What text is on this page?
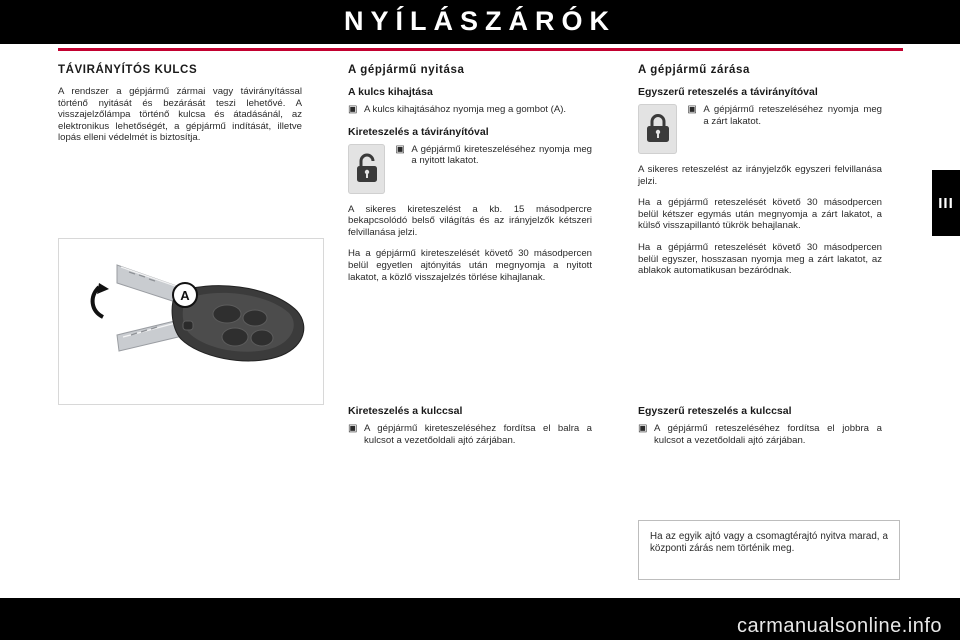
NYÍLÁSZÁRÓK
III
TÁVIRÁNYÍTÓS KULCS

A rendszer a gépjármű zármai vagy távirányítással történő nyitását és bezárását teszi lehetővé. A visszajelzőlámpa történő kulcsa és átadásánál, az elektronikus lehetőségét, a gépjármű indítását, illetve lopás elleni védelmét is biztosítja.

A
A gépjármű nyitása
A kulcs kihajtása
▣ A kulcs kihajtásához nyomja meg a gombot (A).
Kireteszelés a távirányítóval
▣ A gépjármű kireteszeléséhez nyomja meg a nyitott lakatot.

A sikeres kireteszelést a kb. 15 másodpercre bekapcsolódó belső világítás és az irányjelzők kétszeri felvillanása jelzi.

Ha a gépjármű kireteszelését követő 30 másodpercen belül egyetlen ajtónyitás után megnyomja a nyitott lakatot, a közlő visszajelzés törlése kihajlanak.

Kireteszelés a kulccsal
▣ A gépjármű kireteszeléséhez fordítsa el balra a kulcsot a vezetőoldali ajtó zárjában.
A gépjármű zárása
Egyszerű reteszelés a távirányítóval
▣ A gépjármű reteszeléséhez nyomja meg a zárt lakatot.

A sikeres reteszelést az irányjelzők egyszeri felvillanása jelzi.

Ha a gépjármű reteszelését követő 30 másodpercen belül kétszer egymás után megnyomja a zárt lakatot, a külső visszapillantó tükrök behajlanak.

Ha a gépjármű reteszelését követő 30 másodpercen belül egyszer, hosszasan nyomja meg a zárt lakatot, az ablakok automatikusan bezáródnak.

Egyszerű reteszelés a kulccsal
▣ A gépjármű reteszeléséhez fordítsa el jobbra a kulcsot a vezetőoldali ajtó zárjában.

Ha az egyik ajtó vagy a csomagtérajtó nyitva marad, a központi zárás nem történik meg.

carmanualsonline.info
